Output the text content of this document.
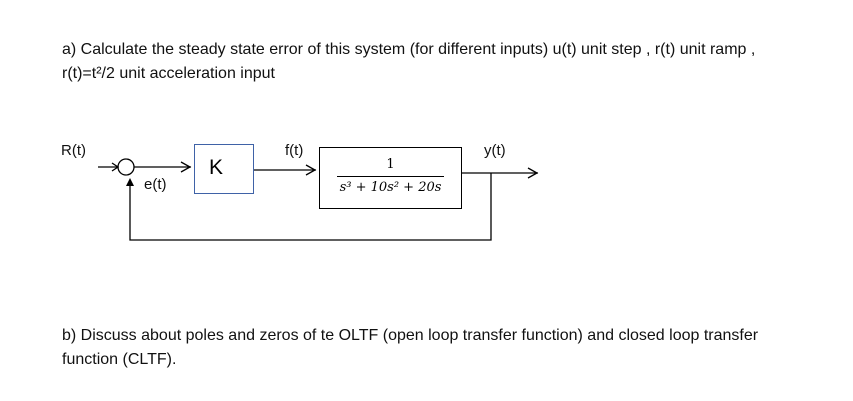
a) Calculate the steady state error of this system (for different inputs) u(t) unit step , r(t) unit ramp , r(t)=t²/2 unit acceleration input

R(t)
e(t)
f(t)	y(t)
K	1
s³ + 10s² + 20s

b) Discuss about poles and zeros of te OLTF (open loop transfer function) and closed loop transfer function (CLTF).
